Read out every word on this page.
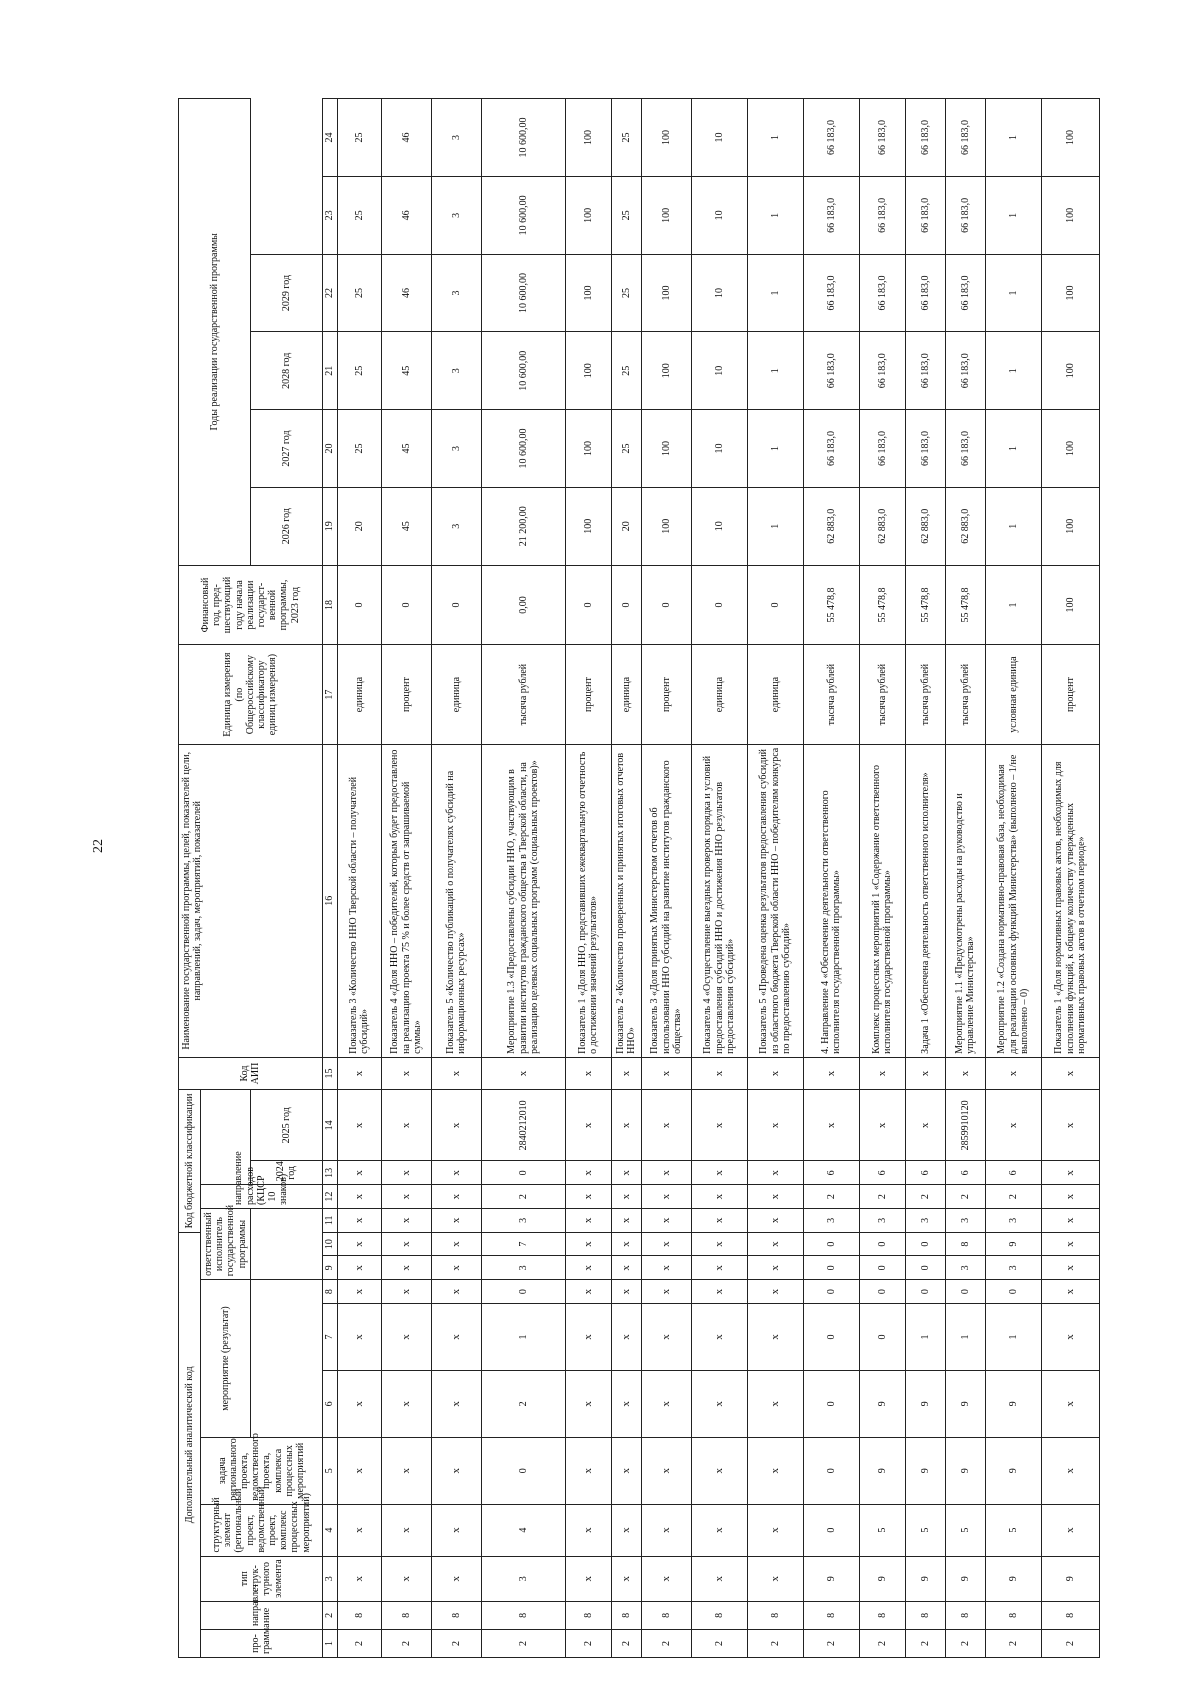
22
Дополнительный аналитический код										Код бюджетной классификации				Код АИП	Наименование государственной программы, целей, показателей цели, направлений, задач, мероприятий, показателей	Единица измерения (по Общероссийскому классификатору единиц измерения)	Финансовый год, пред-шествующий году начала реализации государст-венной программы, 2023 год	Годы реализации государственной программы					
про-грамма	направле-ние	тип струк-турного элемента	структурный элемент (региональный проект, ведомственный проект, комплекс процессных мероприятий)	задача регионального проекта, ведомственного проекта, комплекса процессных мероприятий	мероприятие (результат)			ответственный исполнитель государственной программы			направление расходов (КЦСР 10 знаков)												
												2024 год	2025 год					2026 год	2027 год	2028 год	2029 год		
1	2	3	4	5	6	7	8	9	10	11	12	13	14	15	16	17	18	19	20	21	22	23	24
2	8	х	х	х	х	х	х	х	х	х	х	х	х	х	Показатель 3 «Количество ННО Тверской области – получателей субсидий»	единица	0	20	25	25	25	25	25
2	8	х	х	х	х	х	х	х	х	х	х	х	х	х	Показатель 4 «Доля ННО – победителей, которым будет предоставлено на реализацию проекта 75 % и более средств от запрашиваемой суммы»	процент	0	45	45	45	46	46	46
2	8	х	х	х	х	х	х	х	х	х	х	х	х	х	Показатель 5 «Количество публикаций о получателях субсидий на информационных ресурсах»	единица	0	3	3	3	3	3	3
2	8	3	4	0	2	1	0	3	7	3	2	0	2840212010	х	Мероприятие 1.3 «Предоставлены субсидии ННО, участвующим в развитии институтов гражданского общества в Тверской области, на реализацию целевых социальных программ (социальных проектов)»	тысяча рублей	0,00	21 200,00	10 600,00	10 600,00	10 600,00	10 600,00	10 600,00
2	8	х	х	х	х	х	х	х	х	х	х	х	х	х	Показатель 1 «Доля ННО, представивших ежеквартальную отчетность о достижении значений результатов»	процент	0	100	100	100	100	100	100
2	8	х	х	х	х	х	х	х	х	х	х	х	х	х	Показатель 2 «Количество проверенных и принятых итоговых отчетов ННО»	единица	0	20	25	25	25	25	25
2	8	х	х	х	х	х	х	х	х	х	х	х	х	х	Показатель 3 «Доля принятых Министерством отчетов об использовании ННО субсидий на развитие институтов гражданского общества»	процент	0	100	100	100	100	100	100
2	8	х	х	х	х	х	х	х	х	х	х	х	х	х	Показатель 4 «Осуществление выездных проверок порядка и условий предоставления субсидий ННО и достижения ННО результатов предоставления субсидий»	единица	0	10	10	10	10	10	10
2	8	х	х	х	х	х	х	х	х	х	х	х	х	х	Показатель 5 «Проведена оценка результатов предоставления субсидий из областного бюджета Тверской области ННО – победителям конкурса по предоставлению субсидий»	единица	0	1	1	1	1	1	1
2	8	9	0	0	0	0	0	0	0	3	2	6	х	х	4. Направление 4 «Обеспечение деятельности ответственного исполнителя государственной программы»	тысяча рублей	55 478,8	62 883,0	66 183,0	66 183,0	66 183,0	66 183,0	66 183,0
2	8	9	5	9	9	0	0	0	0	3	2	6	х	х	Комплекс процессных мероприятий 1 «Содержание ответственного исполнителя государственной программы»	тысяча рублей	55 478,8	62 883,0	66 183,0	66 183,0	66 183,0	66 183,0	66 183,0
2	8	9	5	9	9	1	0	0	0	3	2	6	х	х	Задача 1 «Обеспечена деятельность ответственного исполнителя»	тысяча рублей	55 478,8	62 883,0	66 183,0	66 183,0	66 183,0	66 183,0	66 183,0
2	8	9	5	9	9	1	0	3	8	3	2	6	2859910120	х	Мероприятие 1.1 «Предусмотрены расходы на руководство и управление Министерства»	тысяча рублей	55 478,8	62 883,0	66 183,0	66 183,0	66 183,0	66 183,0	66 183,0
2	8	9	5	9	9	1	0	3	9	3	2	6	х	х	Мероприятие 1.2 «Создана нормативно-правовая база, необходимая для реализации основных функций Министерства» (выполнено – 1/не выполнено – 0)	условная единица	1	1	1	1	1	1	1
2	8	9	х	х	х	х	х	х	х	х	х	х	х	х	Показатель 1 «Доля нормативных правовых актов, необходимых для исполнения функций, к общему количеству утвержденных нормативных правовых актов в отчетном периоде»	процент	100	100	100	100	100	100	100
